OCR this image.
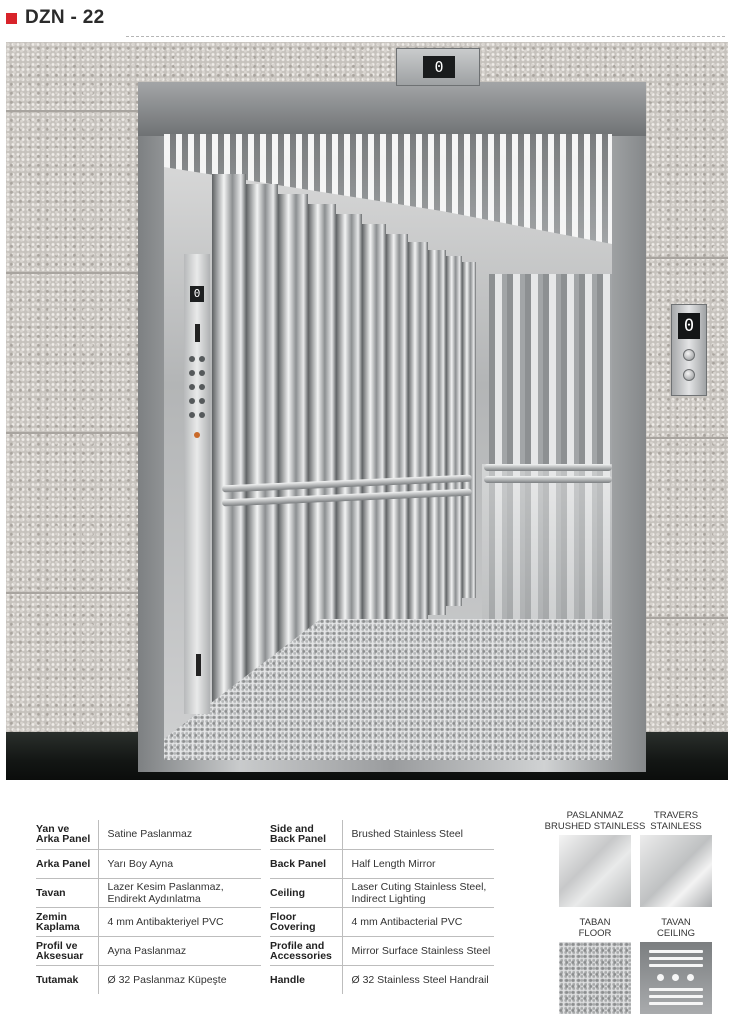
DZN - 22
0
0
0
Yan ve Arka Panel	Satine Paslanmaz
Arka Panel	Yarı Boy Ayna
Tavan	Lazer Kesim Paslanmaz, Endirekt Aydınlatma
Zemin Kaplama	4 mm Antibakteriyel PVC
Profil ve Aksesuar	Ayna Paslanmaz
Tutamak	Ø 32 Paslanmaz Küpeşte
Side and Back Panel	Brushed Stainless Steel
Back Panel	Half Length Mirror
Ceiling	Laser Cuting Stainless Steel, Indirect Lighting
Floor Covering	4 mm Antibacterial PVC
Profile and Accessories	Mirror Surface Stainless Steel
Handle	Ø 32 Stainless Steel Handrail
PASLANMAZ
BRUSHED STAINLESS
TRAVERS
STAINLESS
TABAN
FLOOR
TAVAN
CEILING
